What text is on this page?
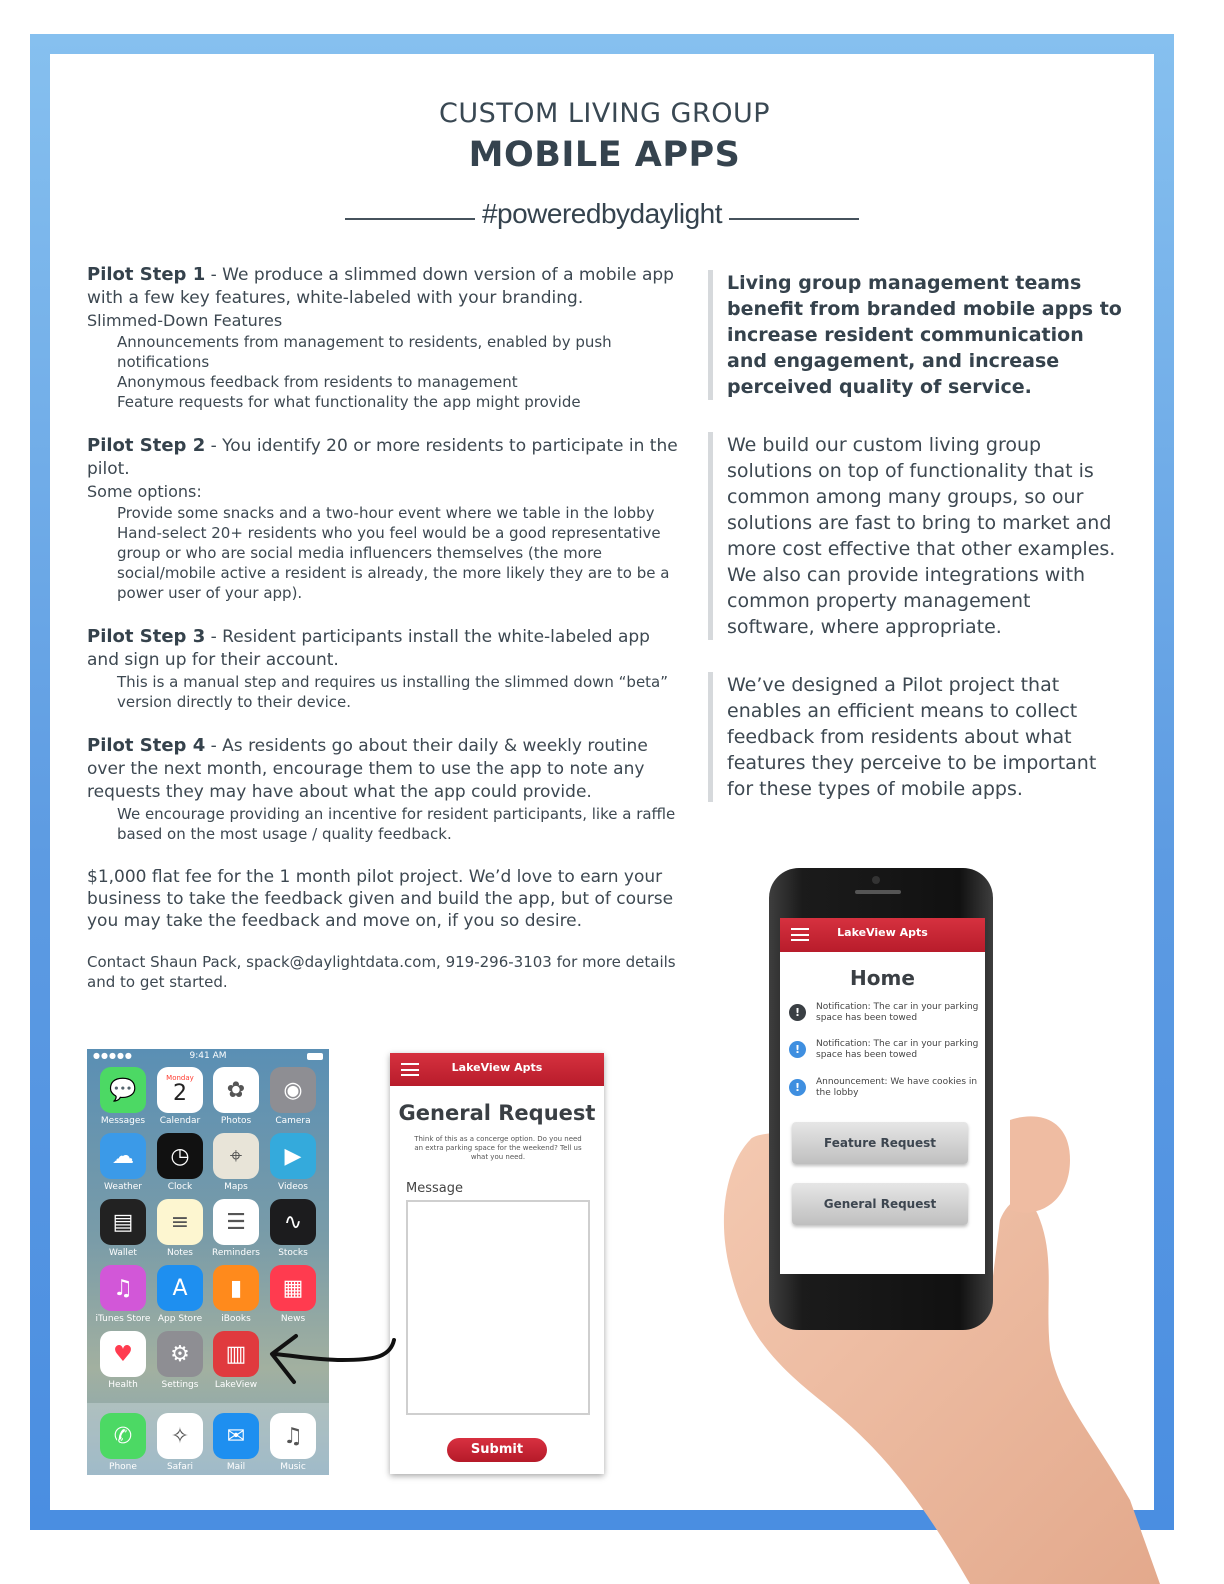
CUSTOM LIVING GROUP
MOBILE APPS
#poweredbydaylight
Pilot Step 1 - We produce a slimmed down version of a mobile app with a few key features, white-labeled with your branding.
Slimmed-Down Features
Announcements from management to residents, enabled by push notifications
Anonymous feedback from residents to management
Feature requests for what functionality the app might provide
Pilot Step 2 - You identify 20 or more residents to participate in the pilot.
Some options:
Provide some snacks and a two-hour event where we table in the lobby
Hand-select 20+ residents who you feel would be a good representative group or who are social media influencers themselves (the more social/mobile active a resident is already, the more likely they are to be a power user of your app).
Pilot Step 3 - Resident participants install the white-labeled app and sign up for their account.
This is a manual step and requires us installing the slimmed down “beta” version directly to their device.
Pilot Step 4 - As residents go about their daily & weekly routine over the next month, encourage them to use the app to note any requests they may have about what the app could provide.
We encourage providing an incentive for resident participants, like a raffle based on the most usage / quality feedback.
$1,000 flat fee for the 1 month pilot project. We’d love to earn your business to take the feedback given and build the app, but of course you may take the feedback and move on, if you so desire.
Contact Shaun Pack, spack@daylightdata.com, 919-296-3103 for more details and to get started.
Living group management teams benefit from branded mobile apps to increase resident communication and engagement, and increase perceived quality of service.
We build our custom living group solutions on top of functionality that is common among many groups, so our solutions are fast to bring to market and more cost effective that other examples. We also can provide integrations with common property management software, where appropriate.
We’ve designed a Pilot project that enables an efficient means to collect feedback from residents about what features they perceive to be important for these types of mobile apps.
●●●●●	9:41 AM
💬
Messages
Monday
2
Calendar
✿
Photos
◉
Camera
☁
Weather
◷
Clock
⌖
Maps
▶
Videos
▤
Wallet
≡
Notes
☰
Reminders
∿
Stocks
♫
iTunes Store
A
App Store
▮
iBooks
▦
News
♥
Health
⚙
Settings
▥
LakeView
✆
Phone
✧
Safari
✉
Mail
♫
Music
LakeView Apts
General Request
Think of this as a concerge option. Do you need an extra parking space for the weekend? Tell us what you need.
Message
Submit
LakeView Apts
Home
!	Notification: The car in your parking space has been towed
!	Notification: The car in your parking space has been towed
!	Announcement: We have cookies in the lobby
Feature Request
General Request
